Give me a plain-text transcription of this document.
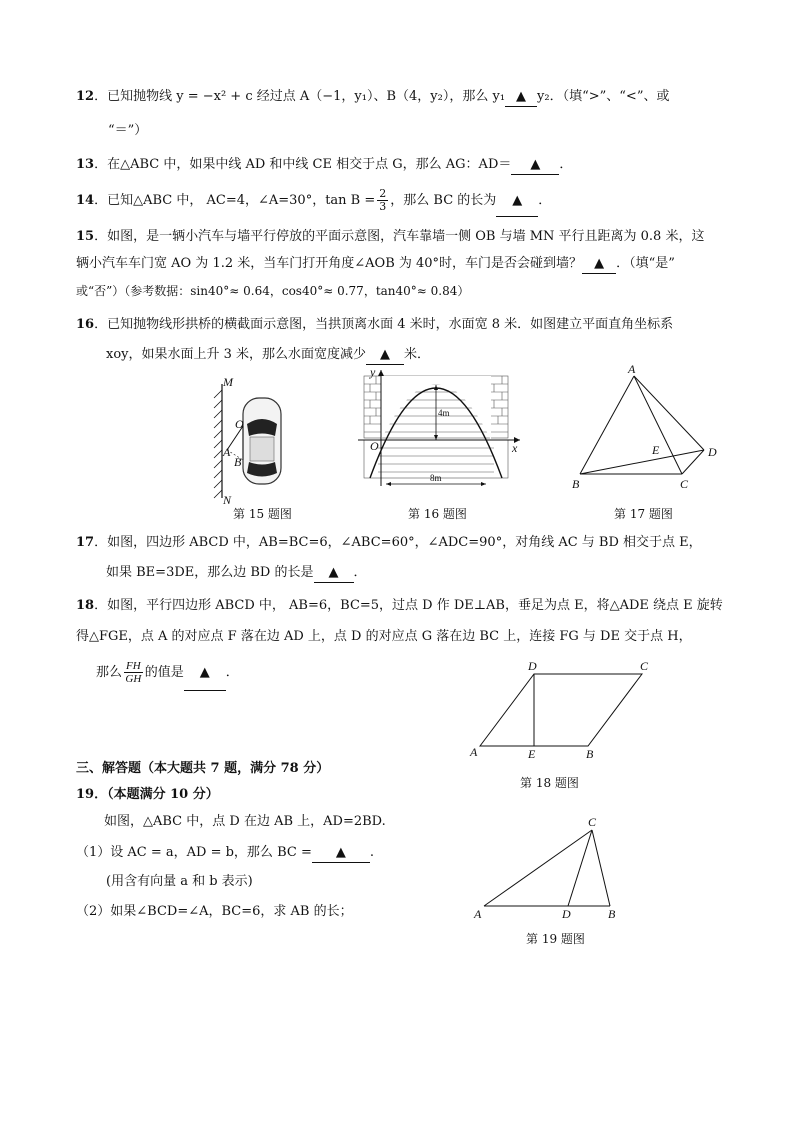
12．已知抛物线 y = −x² + c 经过点 A（−1，y₁）、B（4，y₂），那么 y₁ ▲ y₂．（填“>”、“<”、或
“＝”）
13．在△ABC 中，如果中线 AD 和中线 CE 相交于点 G，那么 AG：AD＝ ▲ ．
14．已知△ABC 中， AC=4，∠A=30°，$\tan B = \frac{2}{3}$ ，那么 BC 的长为 ▲ ．
15．如图，是一辆小汽车与墙平行停放的平面示意图，汽车靠墙一侧 OB 与墙 MN 平行且距离为 0.8 米，这
辆小汽车车门宽 AO 为 1.2 米，当车门打开角度∠AOB 为 40°时，车门是否会碰到墙？ ▲ ．（填“是”
或“否”）（参考数据：sin40°≈ 0.64，cos40°≈ 0.77，tan40°≈ 0.84）
16．已知抛物线形拱桥的横截面示意图，当拱顶离水面 4 米时，水面宽 8 米．如图建立平面直角坐标系
xoy，如果水面上升 3 米，那么水面宽度减少 ▲ 米．
M
O
A
B
N
第 15 题图
y
O	x
4m
8m
第 16 题图
A
B	C
D
E
第 17 题图
17．如图，四边形 ABCD 中，AB=BC=6，∠ABC=60°，∠ADC=90°，对角线 AC 与 BD 相交于点 E，
如果 BE=3DE，那么边 BD 的长是 ▲ ．
18．如图，平行四边形 ABCD 中， AB=6，BC=5，过点 D 作 DE⊥AB，垂足为点 E，将△ADE 绕点 E 旋转
得△FGE，点 A 的对应点 F 落在边 AD 上，点 D 的对应点 G 落在边 BC 上，连接 FG 与 DE 交于点 H，
那么 $\frac{FH}{GH}$ 的值是 ▲ ．	D	C
A	E	B
第 18 题图
三、解答题（本大题共 7 题，满分 78 分）
19．（本题满分 10 分）
如图，△ABC 中，点 D 在边 AB 上，AD=2BD.
（1）设 AC = a，AD = b，那么 BC = ▲ .
(用含有向量 a 和 b 表示)
（2）如果∠BCD=∠A，BC=6，求 AB 的长；
C
A	D	B
第 19 题图
